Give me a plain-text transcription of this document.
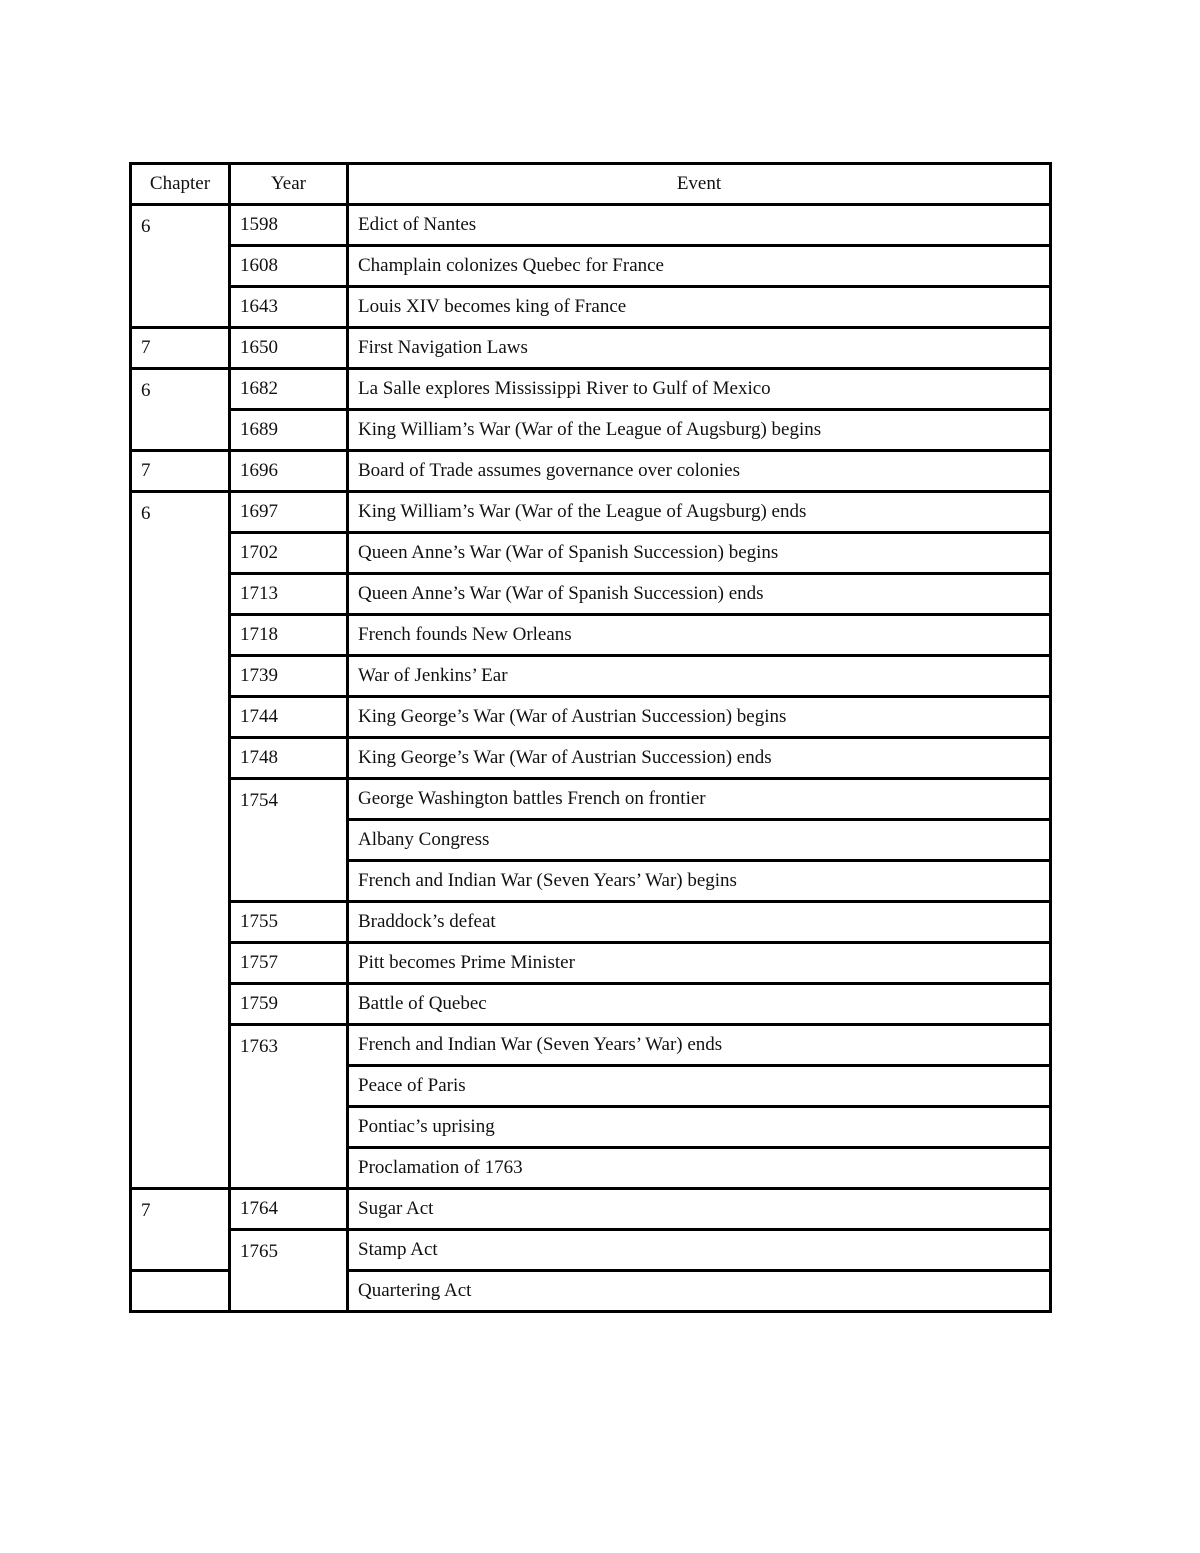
Chapter	Year	Event
6	1598	Edict of Nantes
	1608	Champlain colonizes Quebec for France
	1643	Louis XIV becomes king of France
7	1650	First Navigation Laws
6	1682	La Salle explores Mississippi River to Gulf of Mexico
	1689	King William’s War (War of the League of Augsburg) begins
7	1696	Board of Trade assumes governance over colonies
6	1697	King William’s War (War of the League of Augsburg) ends
	1702	Queen Anne’s War (War of Spanish Succession) begins
	1713	Queen Anne’s War (War of Spanish Succession) ends
	1718	French founds New Orleans
	1739	War of Jenkins’ Ear
	1744	King George’s War (War of Austrian Succession) begins
	1748	King George’s War (War of Austrian Succession) ends
	1754	George Washington battles French on frontier
		Albany Congress
		French and Indian War (Seven Years’ War) begins
	1755	Braddock’s defeat
	1757	Pitt becomes Prime Minister
	1759	Battle of Quebec
	1763	French and Indian War (Seven Years’ War) ends
		Peace of Paris
		Pontiac’s uprising
		Proclamation of 1763
7	1764	Sugar Act
	1765	Stamp Act
		Quartering Act
